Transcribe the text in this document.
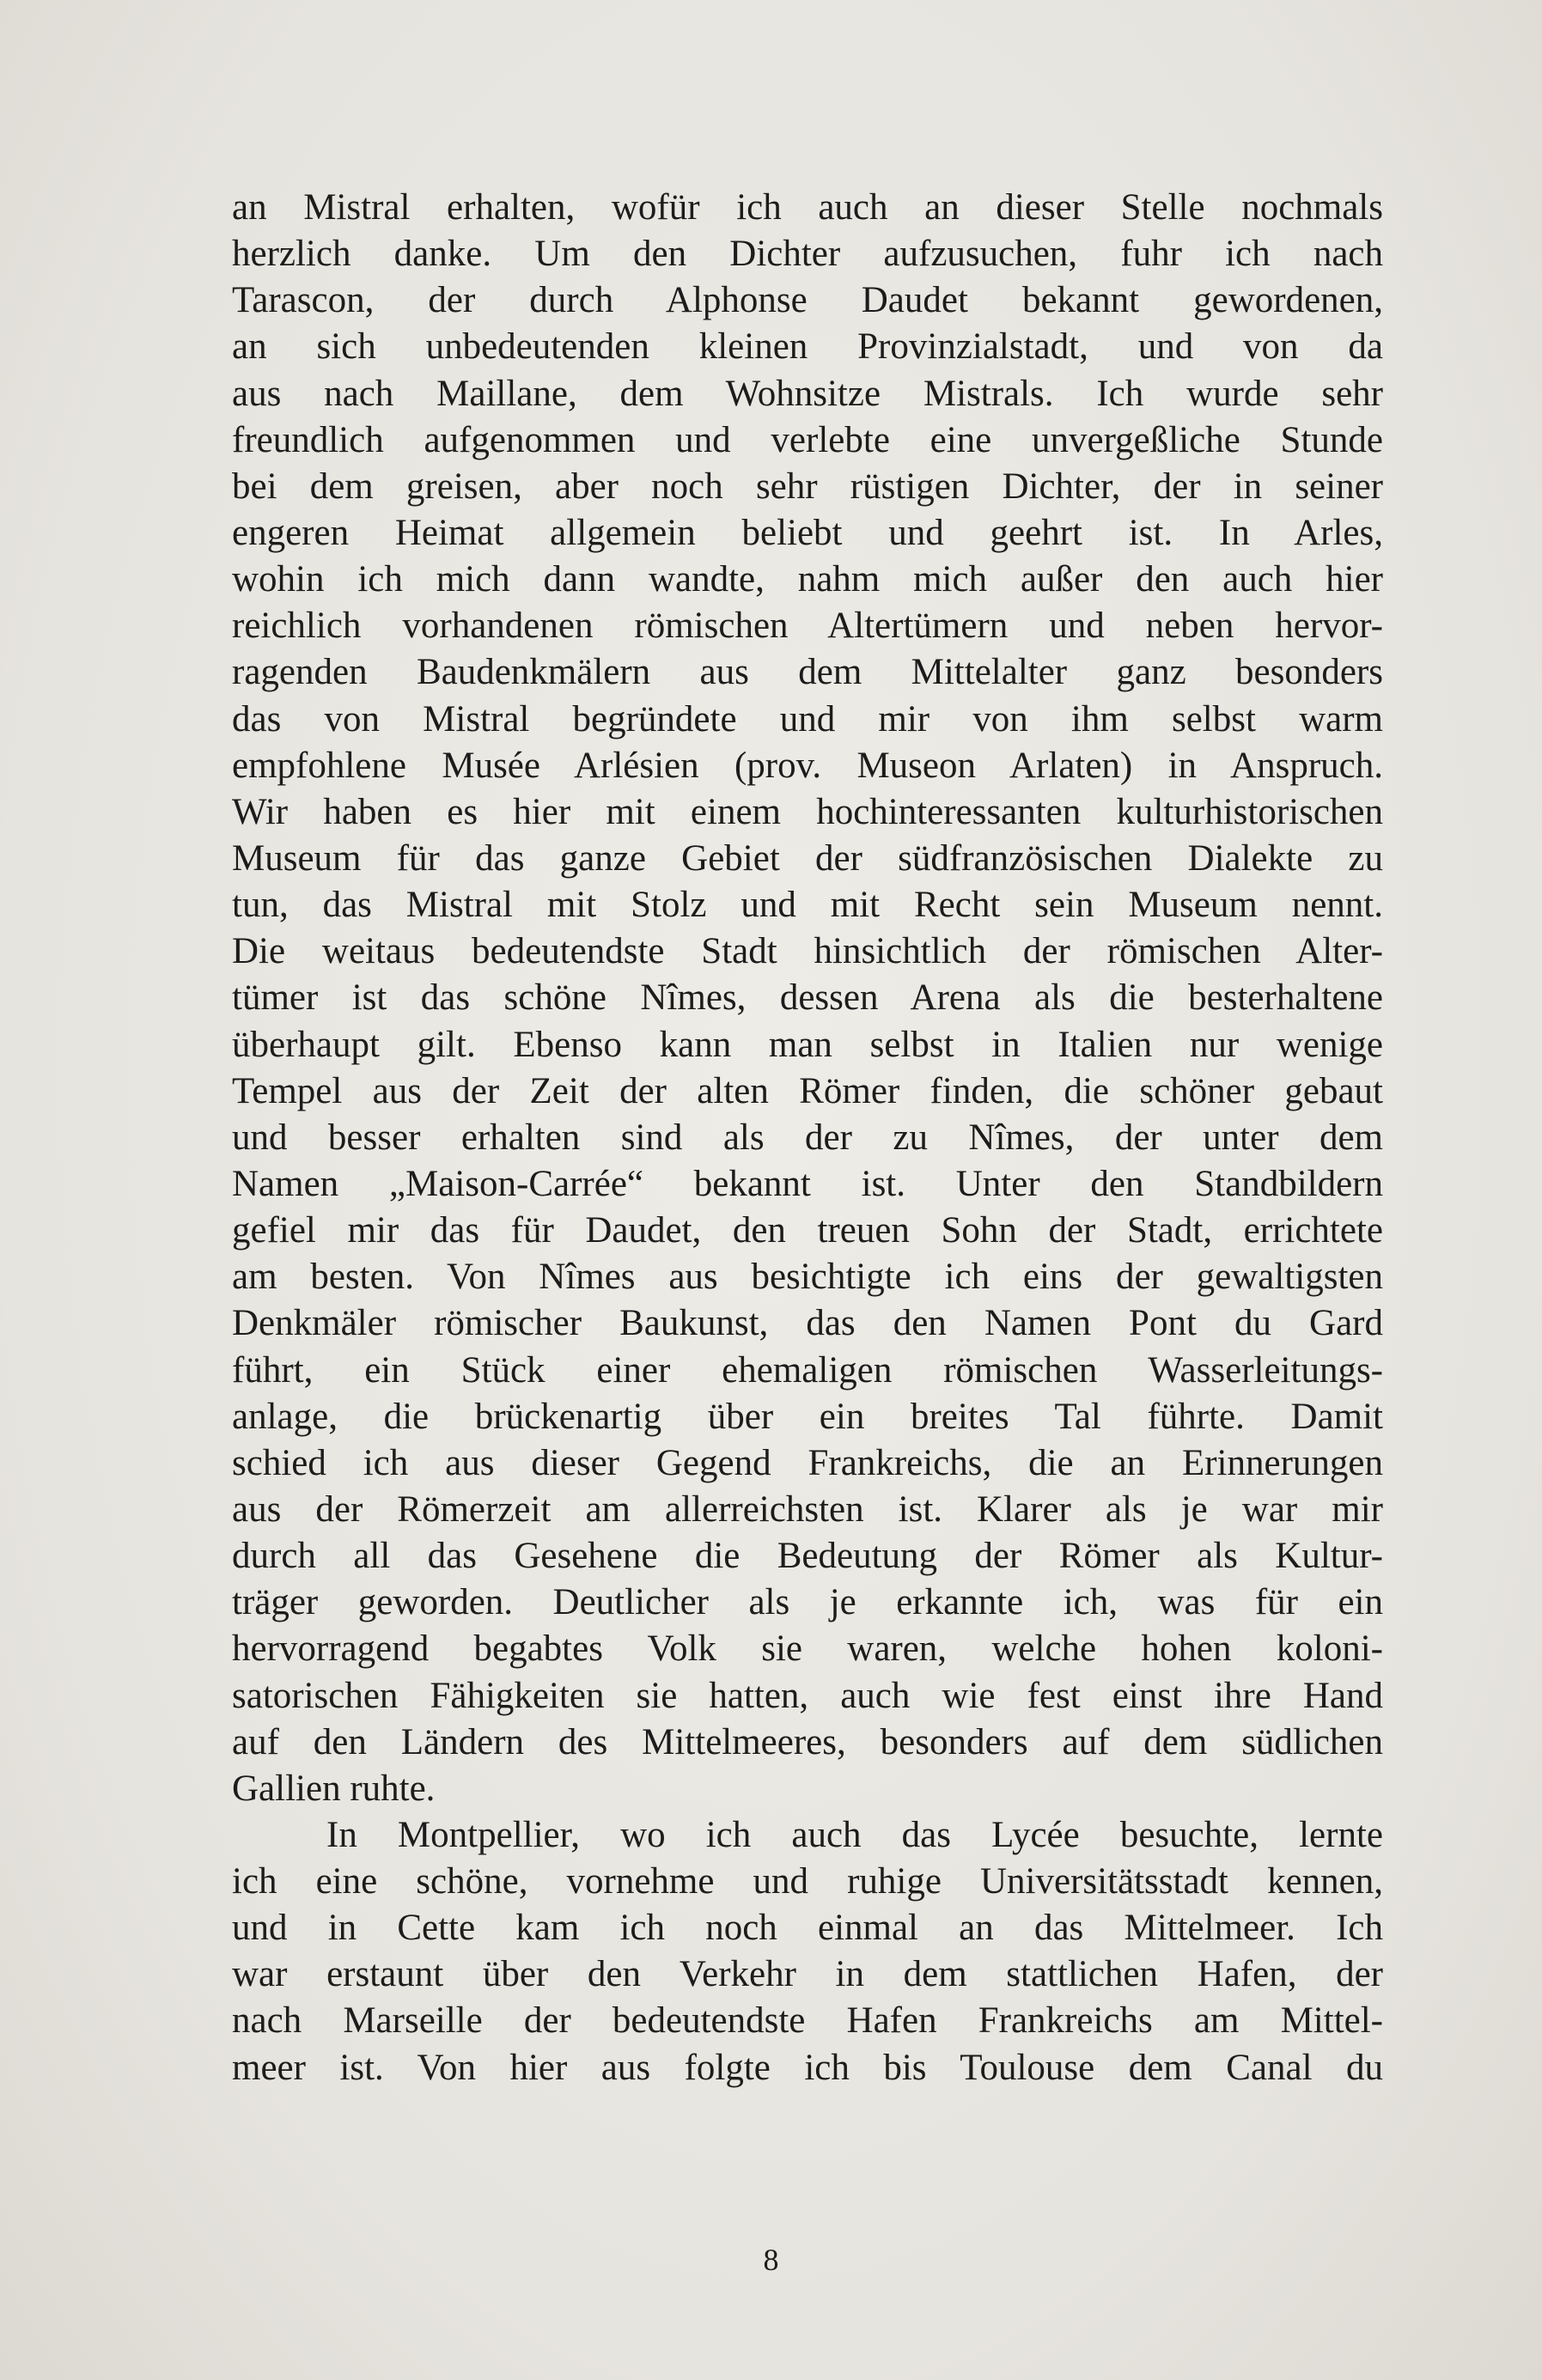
an Mistral erhalten, wofür ich auch an dieser Stelle nochmals
herzlich danke. Um den Dichter aufzusuchen, fuhr ich nach
Tarascon, der durch Alphonse Daudet bekannt gewordenen,
an sich unbedeutenden kleinen Provinzialstadt, und von da
aus nach Maillane, dem Wohnsitze Mistrals. Ich wurde sehr
freundlich aufgenommen und verlebte eine unvergeßliche Stunde
bei dem greisen, aber noch sehr rüstigen Dichter, der in seiner
engeren Heimat allgemein beliebt und geehrt ist. In Arles,
wohin ich mich dann wandte, nahm mich außer den auch hier
reichlich vorhandenen römischen Altertümern und neben hervor-
ragenden Baudenkmälern aus dem Mittelalter ganz besonders
das von Mistral begründete und mir von ihm selbst warm
empfohlene Musée Arlésien (prov. Museon Arlaten) in Anspruch.
Wir haben es hier mit einem hochinteressanten kulturhistorischen
Museum für das ganze Gebiet der südfranzösischen Dialekte zu
tun, das Mistral mit Stolz und mit Recht sein Museum nennt.
Die weitaus bedeutendste Stadt hinsichtlich der römischen Alter-
tümer ist das schöne Nîmes, dessen Arena als die besterhaltene
überhaupt gilt. Ebenso kann man selbst in Italien nur wenige
Tempel aus der Zeit der alten Römer finden, die schöner gebaut
und besser erhalten sind als der zu Nîmes, der unter dem
Namen „Maison-Carrée“ bekannt ist. Unter den Standbildern
gefiel mir das für Daudet, den treuen Sohn der Stadt, errichtete
am besten. Von Nîmes aus besichtigte ich eins der gewaltigsten
Denkmäler römischer Baukunst, das den Namen Pont du Gard
führt, ein Stück einer ehemaligen römischen Wasserleitungs-
anlage, die brückenartig über ein breites Tal führte. Damit
schied ich aus dieser Gegend Frankreichs, die an Erinnerungen
aus der Römerzeit am allerreichsten ist. Klarer als je war mir
durch all das Gesehene die Bedeutung der Römer als Kultur-
träger geworden. Deutlicher als je erkannte ich, was für ein
hervorragend begabtes Volk sie waren, welche hohen koloni-
satorischen Fähigkeiten sie hatten, auch wie fest einst ihre Hand
auf den Ländern des Mittelmeeres, besonders auf dem südlichen
Gallien ruhte.
In Montpellier, wo ich auch das Lycée besuchte, lernte
ich eine schöne, vornehme und ruhige Universitätsstadt kennen,
und in Cette kam ich noch einmal an das Mittelmeer. Ich
war erstaunt über den Verkehr in dem stattlichen Hafen, der
nach Marseille der bedeutendste Hafen Frankreichs am Mittel-
meer ist. Von hier aus folgte ich bis Toulouse dem Canal du
8
